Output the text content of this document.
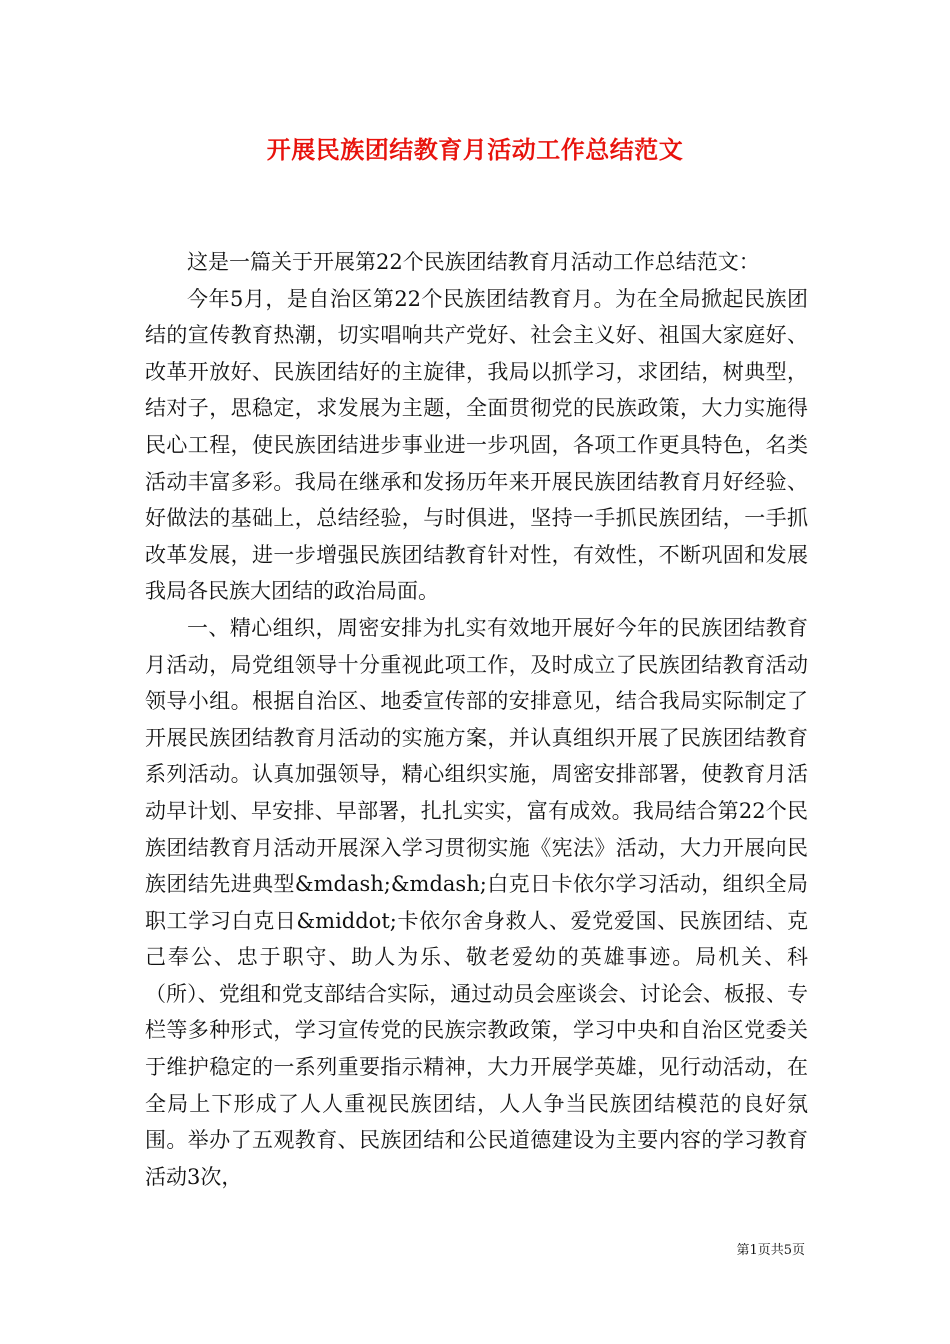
开展民族团结教育月活动工作总结范文

这是一篇关于开展第22个民族团结教育月活动工作总结范文：

今年5月，是自治区第22个民族团结教育月。为在全局掀起民族团结的宣传教育热潮，切实唱响共产党好、社会主义好、祖国大家庭好、改革开放好、民族团结好的主旋律，我局以抓学习，求团结，树典型，结对子，思稳定，求发展为主题，全面贯彻党的民族政策，大力实施得民心工程，使民族团结进步事业进一步巩固，各项工作更具特色，名类活动丰富多彩。我局在继承和发扬历年来开展民族团结教育月好经验、好做法的基础上，总结经验，与时俱进，坚持一手抓民族团结，一手抓改革发展，进一步增强民族团结教育针对性，有效性，不断巩固和发展我局各民族大团结的政治局面。

一、精心组织，周密安排为扎实有效地开展好今年的民族团结教育月活动，局党组领导十分重视此项工作，及时成立了民族团结教育活动领导小组。根据自治区、地委宣传部的安排意见，结合我局实际制定了开展民族团结教育月活动的实施方案，并认真组织开展了民族团结教育系列活动。认真加强领导，精心组织实施，周密安排部署，使教育月活动早计划、早安排、早部署，扎扎实实，富有成效。我局结合第22个民族团结教育月活动开展深入学习贯彻实施《宪法》活动，大力开展向民族团结先进典型&mdash;&mdash;白克日卡依尔学习活动，组织全局职工学习白克日&middot;卡依尔舍身救人、爱党爱国、民族团结、克己奉公、忠于职守、助人为乐、敬老爱幼的英雄事迹。局机关、科（所）、党组和党支部结合实际，通过动员会座谈会、讨论会、板报、专栏等多种形式，学习宣传党的民族宗教政策，学习中央和自治区党委关于维护稳定的一系列重要指示精神，大力开展学英雄，见行动活动，在全局上下形成了人人重视民族团结，人人争当民族团结模范的良好氛围。举办了五观教育、民族团结和公民道德建设为主要内容的学习教育活动3次，

第1页共5页
